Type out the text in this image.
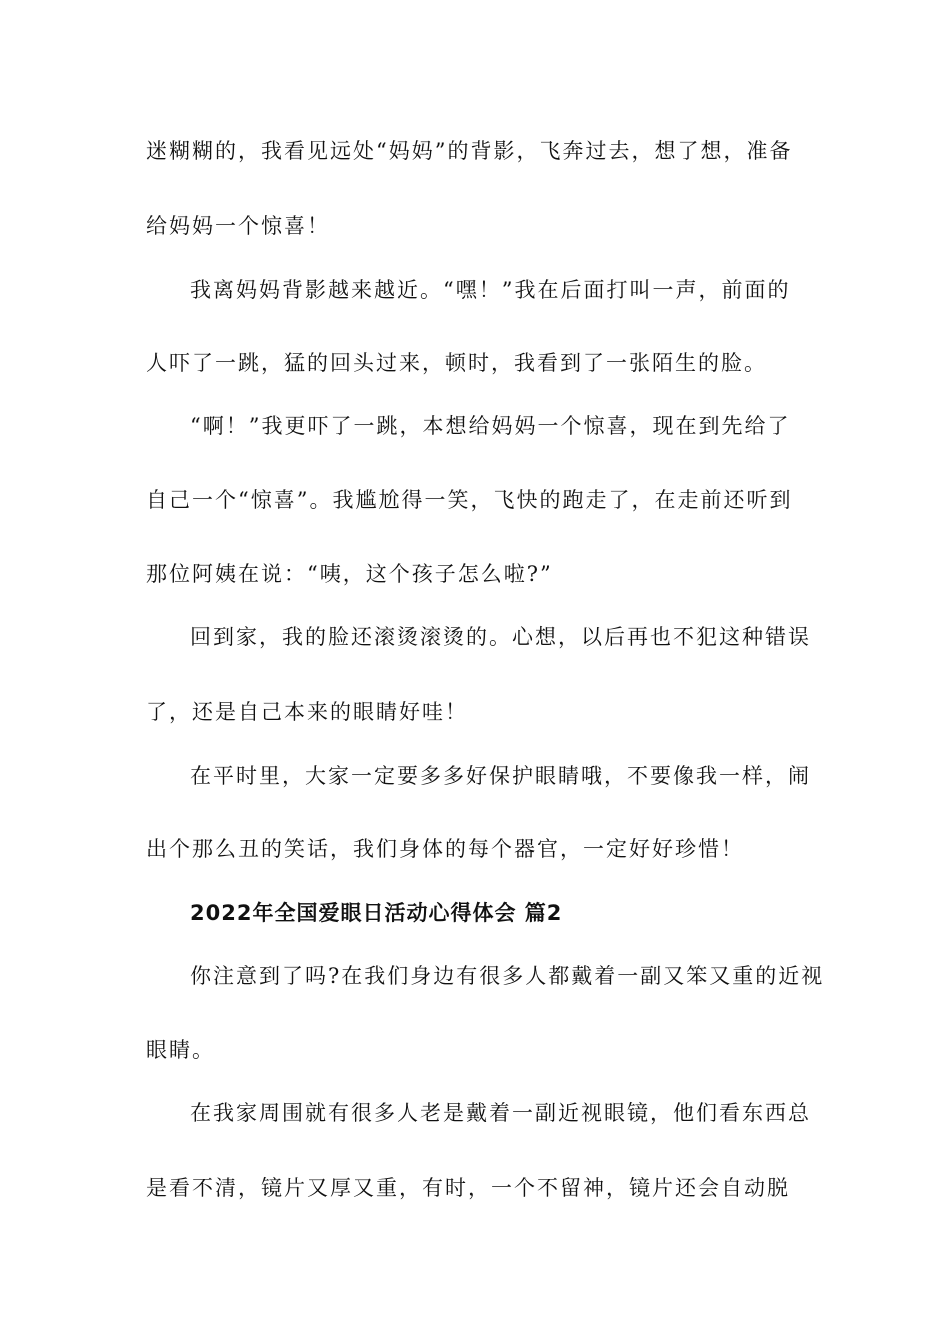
迷糊糊的，我看见远处“妈妈”的背影，飞奔过去，想了想，准备
给妈妈一个惊喜！
我离妈妈背影越来越近。“嘿！”我在后面打叫一声，前面的
人吓了一跳，猛的回头过来，顿时，我看到了一张陌生的脸。
“啊！”我更吓了一跳，本想给妈妈一个惊喜，现在到先给了
自己一个“惊喜”。我尴尬得一笑，飞快的跑走了，在走前还听到
那位阿姨在说：“咦，这个孩子怎么啦?”
回到家，我的脸还滚烫滚烫的。心想，以后再也不犯这种错误
了，还是自己本来的眼睛好哇！
在平时里，大家一定要多多好保护眼睛哦，不要像我一样，闹
出个那么丑的笑话，我们身体的每个器官，一定好好珍惜！
2022年全国爱眼日活动心得体会 篇2
你注意到了吗?在我们身边有很多人都戴着一副又笨又重的近视
眼睛。
在我家周围就有很多人老是戴着一副近视眼镜，他们看东西总
是看不清，镜片又厚又重，有时，一个不留神，镜片还会自动脱
